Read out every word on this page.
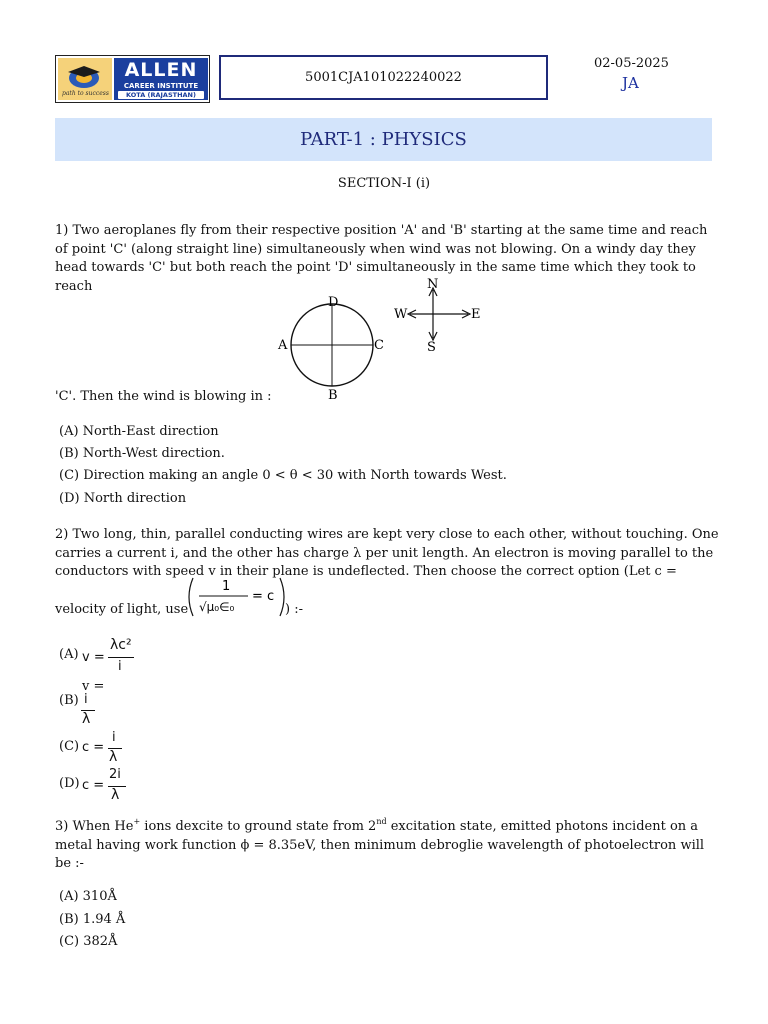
path to success
ALLEN
CAREER INSTITUTE
KOTA (RAJASTHAN)
5001CJA101022240022
02-05-2025
JA
PART-1 : PHYSICS
SECTION-I (i)
1) Two aeroplanes fly from their respective position 'A' and 'B' starting at the same time and reach of point 'C' (along straight line) simultaneously when wind was not blowing. On a windy day they head towards 'C' but both reach the point 'D' simultaneously in the same time which they took to reach
D
A	C
B
N
S
E
W
'C'. Then the wind is blowing in :
(A) North-East direction
(B) North-West direction.
(C) Direction making an angle 0 < θ < 30 with North towards West.
(D) North direction
2) Two long, thin, parallel conducting wires are kept very close to each other, without touching. One carries a current i, and the other has charge λ per unit length. An electron is moving parallel to the conductors with speed v in their plane is undeflected. Then choose the correct option (Let c =
velocity of light, use
1
√μ₀∈₀
= c
) :-
(A) v =
λc²
i
v =
(B) i
λ
(C) c =
i
λ
(D) c =
2i
λ
3) When He+ ions dexcite to ground state from 2nd excitation state, emitted photons incident on a metal having work function ϕ = 8.35eV, then minimum debroglie wavelength of photoelectron will be :-
(A) 310Å
(B) 1.94 Å
(C) 382Å
